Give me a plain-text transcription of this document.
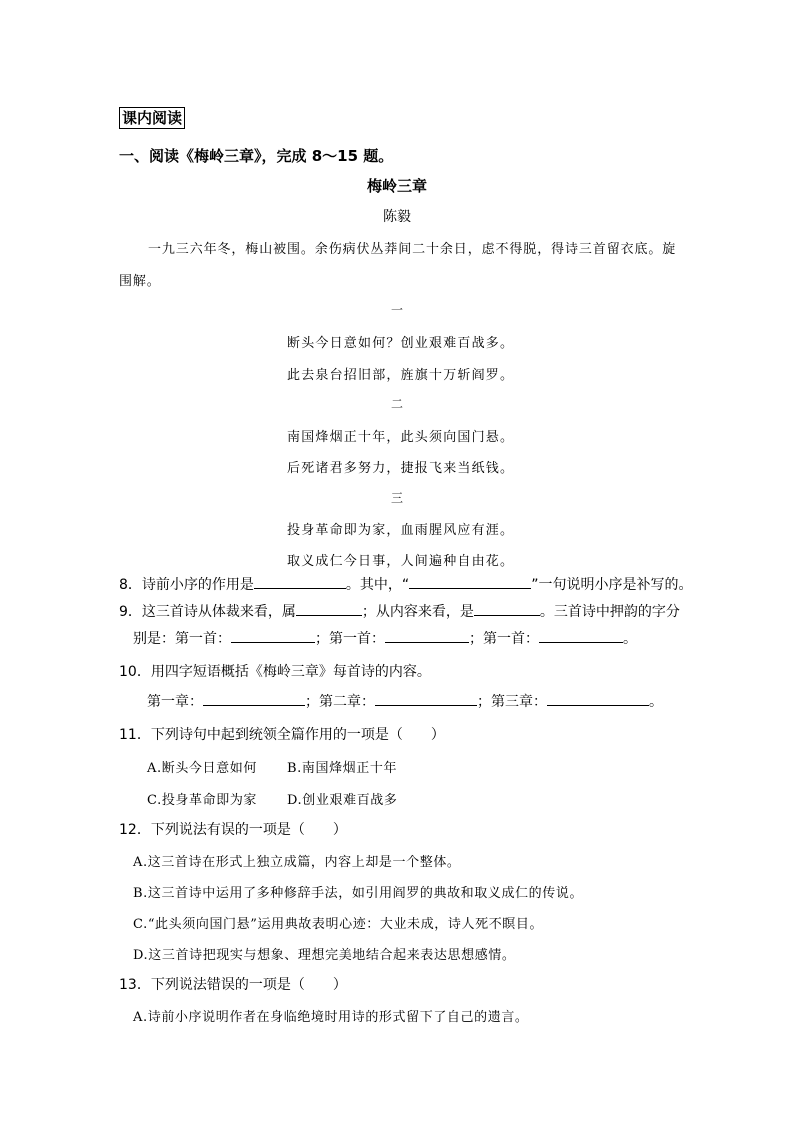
课内阅读
一、阅读《梅岭三章》，完成 8～15 题。
梅岭三章
陈毅
一九三六年冬，梅山被围。余伤病伏丛莽间二十余日，虑不得脱，得诗三首留衣底。旋
围解。
一
断头今日意如何？创业艰难百战多。
此去泉台招旧部，旌旗十万斩阎罗。
二
南国烽烟正十年，此头须向国门悬。
后死诸君多努力，捷报飞来当纸钱。
三
投身革命即为家，血雨腥风应有涯。
取义成仁今日事，人间遍种自由花。
8．诗前小序的作用是	。其中，“	”一句说明小序是补写的。
9．这三首诗从体裁来看，属	；从内容来看，是	。三首诗中押韵的字分
别是：第一首：	；第一首：	；第一首：	。
10．用四字短语概括《梅岭三章》每首诗的内容。
第一章：	；第二章：	；第三章：	。
11．下列诗句中起到统领全篇作用的一项是（　　）
A.断头今日意如何 B.南国烽烟正十年
C.投身革命即为家 D.创业艰难百战多
12．下列说法有误的一项是（　　）
A.这三首诗在形式上独立成篇，内容上却是一个整体。
B.这三首诗中运用了多种修辞手法，如引用阎罗的典故和取义成仁的传说。
C.“此头须向国门悬”运用典故表明心迹：大业未成，诗人死不瞑目。
D.这三首诗把现实与想象、理想完美地结合起来表达思想感情。
13．下列说法错误的一项是（　　）
A.诗前小序说明作者在身临绝境时用诗的形式留下了自己的遗言。
